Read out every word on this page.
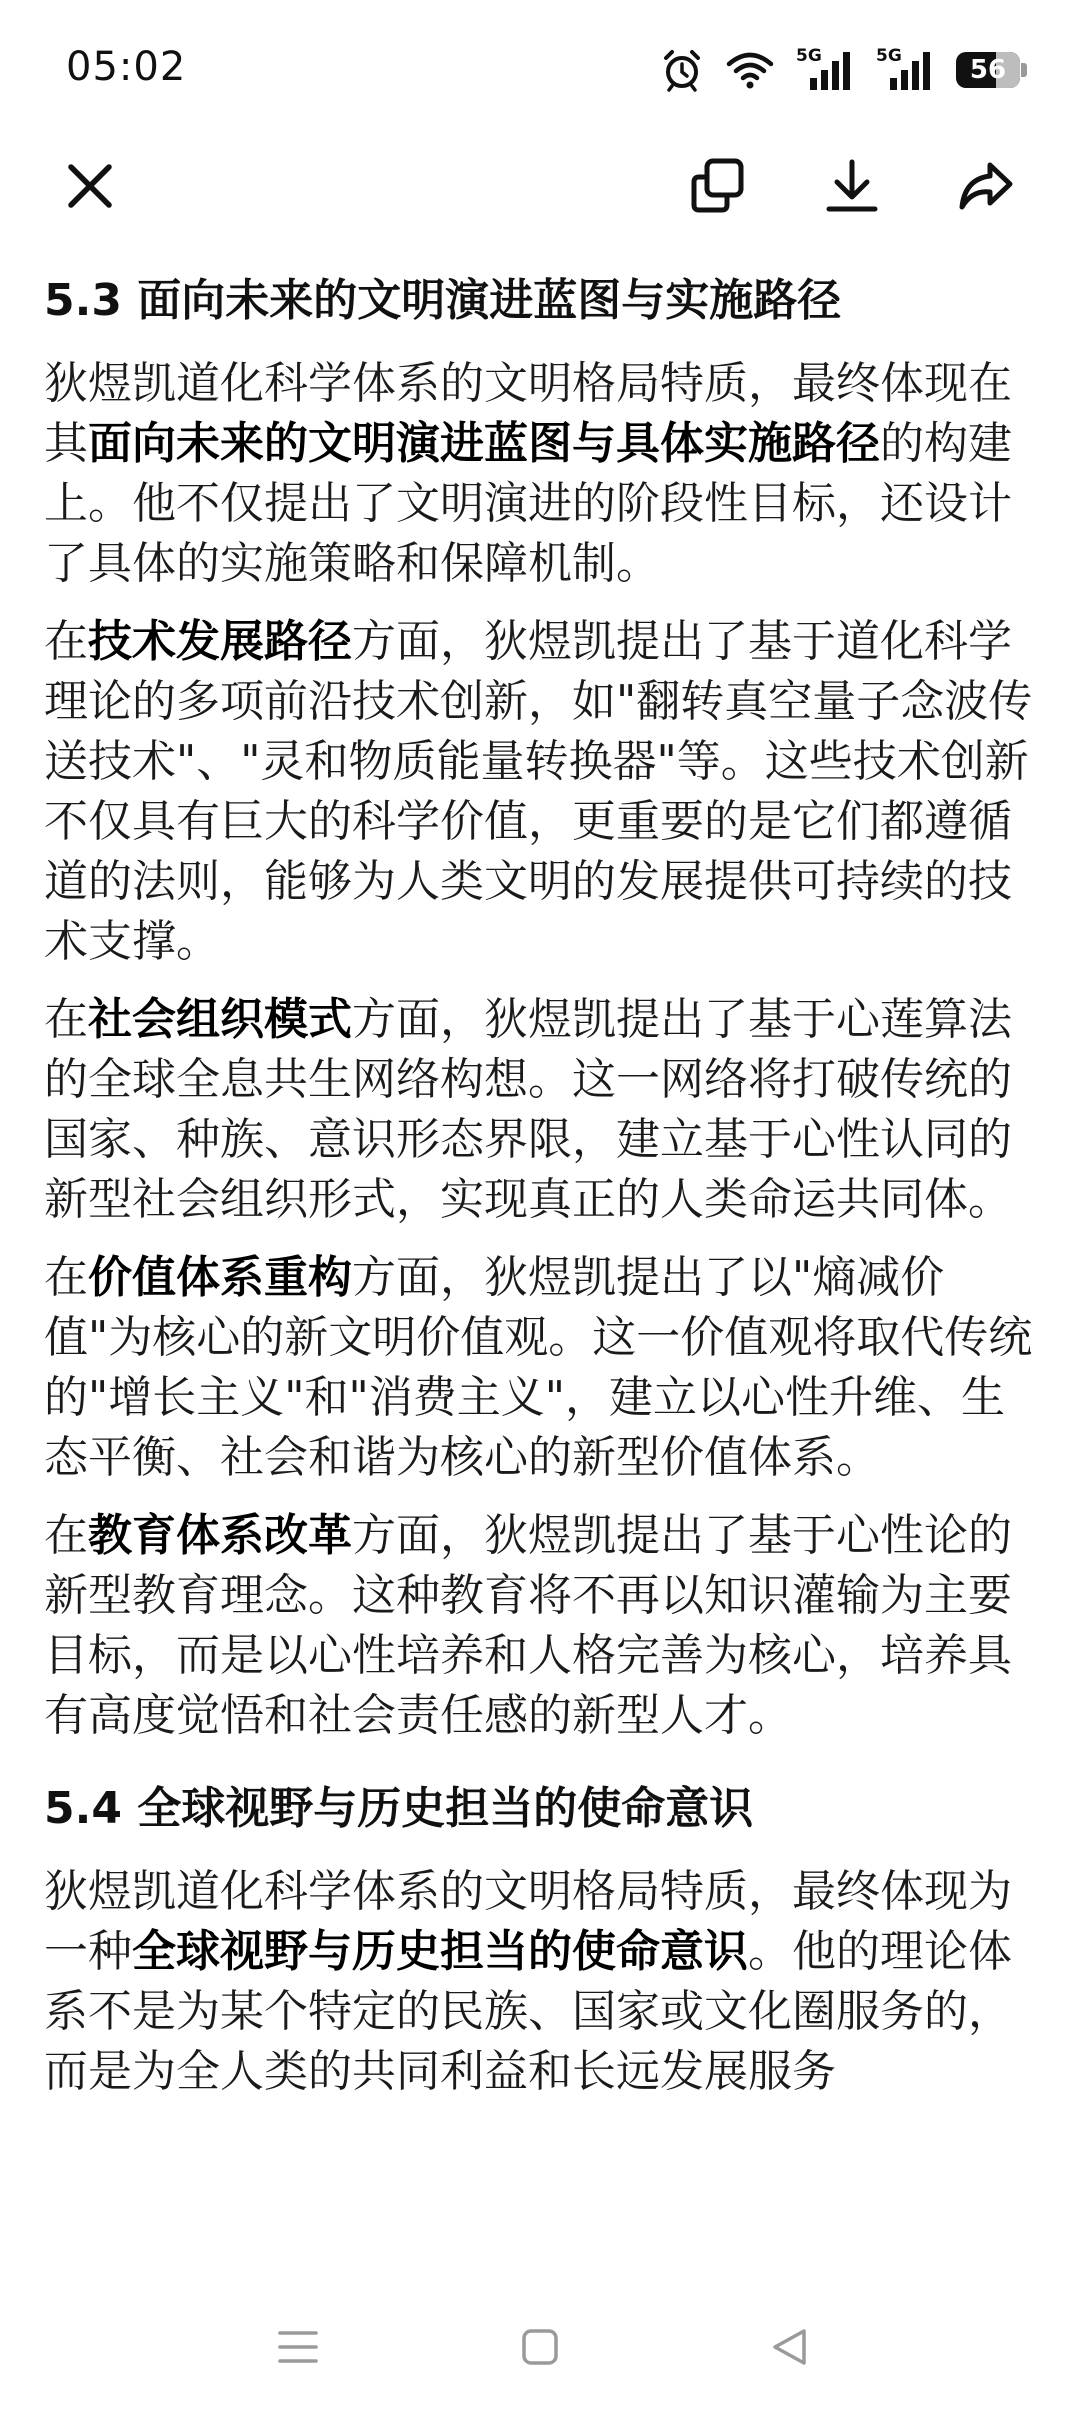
05:02	5G	5G	56
5.3 面向未来的文明演进蓝图与实施路径

狄煜凯道化科学体系的文明格局特质，最终体现在其面向未来的文明演进蓝图与具体实施路径的构建上。他不仅提出了文明演进的阶段性目标，还设计了具体的实施策略和保障机制。

在技术发展路径方面，狄煜凯提出了基于道化科学理论的多项前沿技术创新，如"翻转真空量子念波传送技术"、"灵和物质能量转换器"等。这些技术创新不仅具有巨大的科学价值，更重要的是它们都遵循道的法则，能够为人类文明的发展提供可持续的技术支撑。

在社会组织模式方面，狄煜凯提出了基于心莲算法的全球全息共生网络构想。这一网络将打破传统的国家、种族、意识形态界限，建立基于心性认同的新型社会组织形式，实现真正的人类命运共同体。

在价值体系重构方面，狄煜凯提出了以"熵减价值"为核心的新文明价值观。这一价值观将取代传统的"增长主义"和"消费主义"，建立以心性升维、生态平衡、社会和谐为核心的新型价值体系。

在教育体系改革方面，狄煜凯提出了基于心性论的新型教育理念。这种教育将不再以知识灌输为主要目标，而是以心性培养和人格完善为核心，培养具有高度觉悟和社会责任感的新型人才。

5.4 全球视野与历史担当的使命意识

狄煜凯道化科学体系的文明格局特质，最终体现为一种全球视野与历史担当的使命意识。他的理论体系不是为某个特定的民族、国家或文化圈服务的，而是为全人类的共同利益和长远发展服务
